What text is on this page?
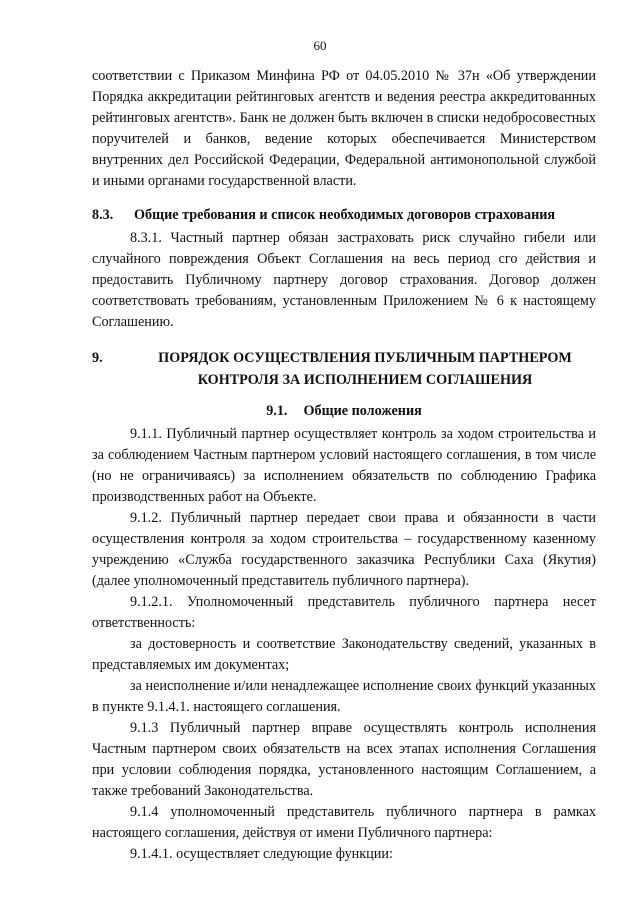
60

соответствии с Приказом Минфина РФ от 04.05.2010 № 37н «Об утверждении Порядка аккредитации рейтинговых агентств и ведения реестра аккредитованных рейтинговых агентств». Банк не должен быть включен в списки недобросовестных поручителей и банков, ведение которых обеспечивается Министерством внутренних дел Российской Федерации, Федеральной антимонопольной службой и иными органами государственной власти.

8.3.	Общие требования и список необходимых договоров страхования

8.3.1. Частный партнер обязан застраховать риск случайно гибели или случайного повреждения Объект Соглашения на весь период сго действия и предоставить Публичному партнеру договор страхования. Договор должен соответствовать требованиям, установленным Приложением № 6 к настоящему Соглашению.

9.	ПОРЯДОК ОСУЩЕСТВЛЕНИЯ ПУБЛИЧНЫМ ПАРТНЕРОМ
КОНТРОЛЯ ЗА ИСПОЛНЕНИЕМ СОГЛАШЕНИЯ
9.1. Общие положения

9.1.1. Публичный партнер осуществляет контроль за ходом строительства и за соблюдением Частным партнером условий настоящего соглашения, в том числе (но не ограничиваясь) за исполнением обязательств по соблюдению Графика производственных работ на Объекте.

9.1.2. Публичный партнер передает свои права и обязанности в части осуществления контроля за ходом строительства – государственному казенному учреждению «Служба государственного заказчика Республики Саха (Якутия) (далее уполномоченный представитель публичного партнера).

9.1.2.1. Уполномоченный представитель публичного партнера несет ответственность:

за достоверность и соответствие Законодательству сведений, указанных в представляемых им документах;

за неисполнение и/или ненадлежащее исполнение своих функций указанных в пункте 9.1.4.1. настоящего соглашения.

9.1.3 Публичный партнер вправе осуществлять контроль исполнения Частным партнером своих обязательств на всех этапах исполнения Соглашения при условии соблюдения порядка, установленного настоящим Соглашением, а также требований Законодательства.

9.1.4 уполномоченный представитель публичного партнера в рамках настоящего соглашения, действуя от имени Публичного партнера:

9.1.4.1. осуществляет следующие функции:
